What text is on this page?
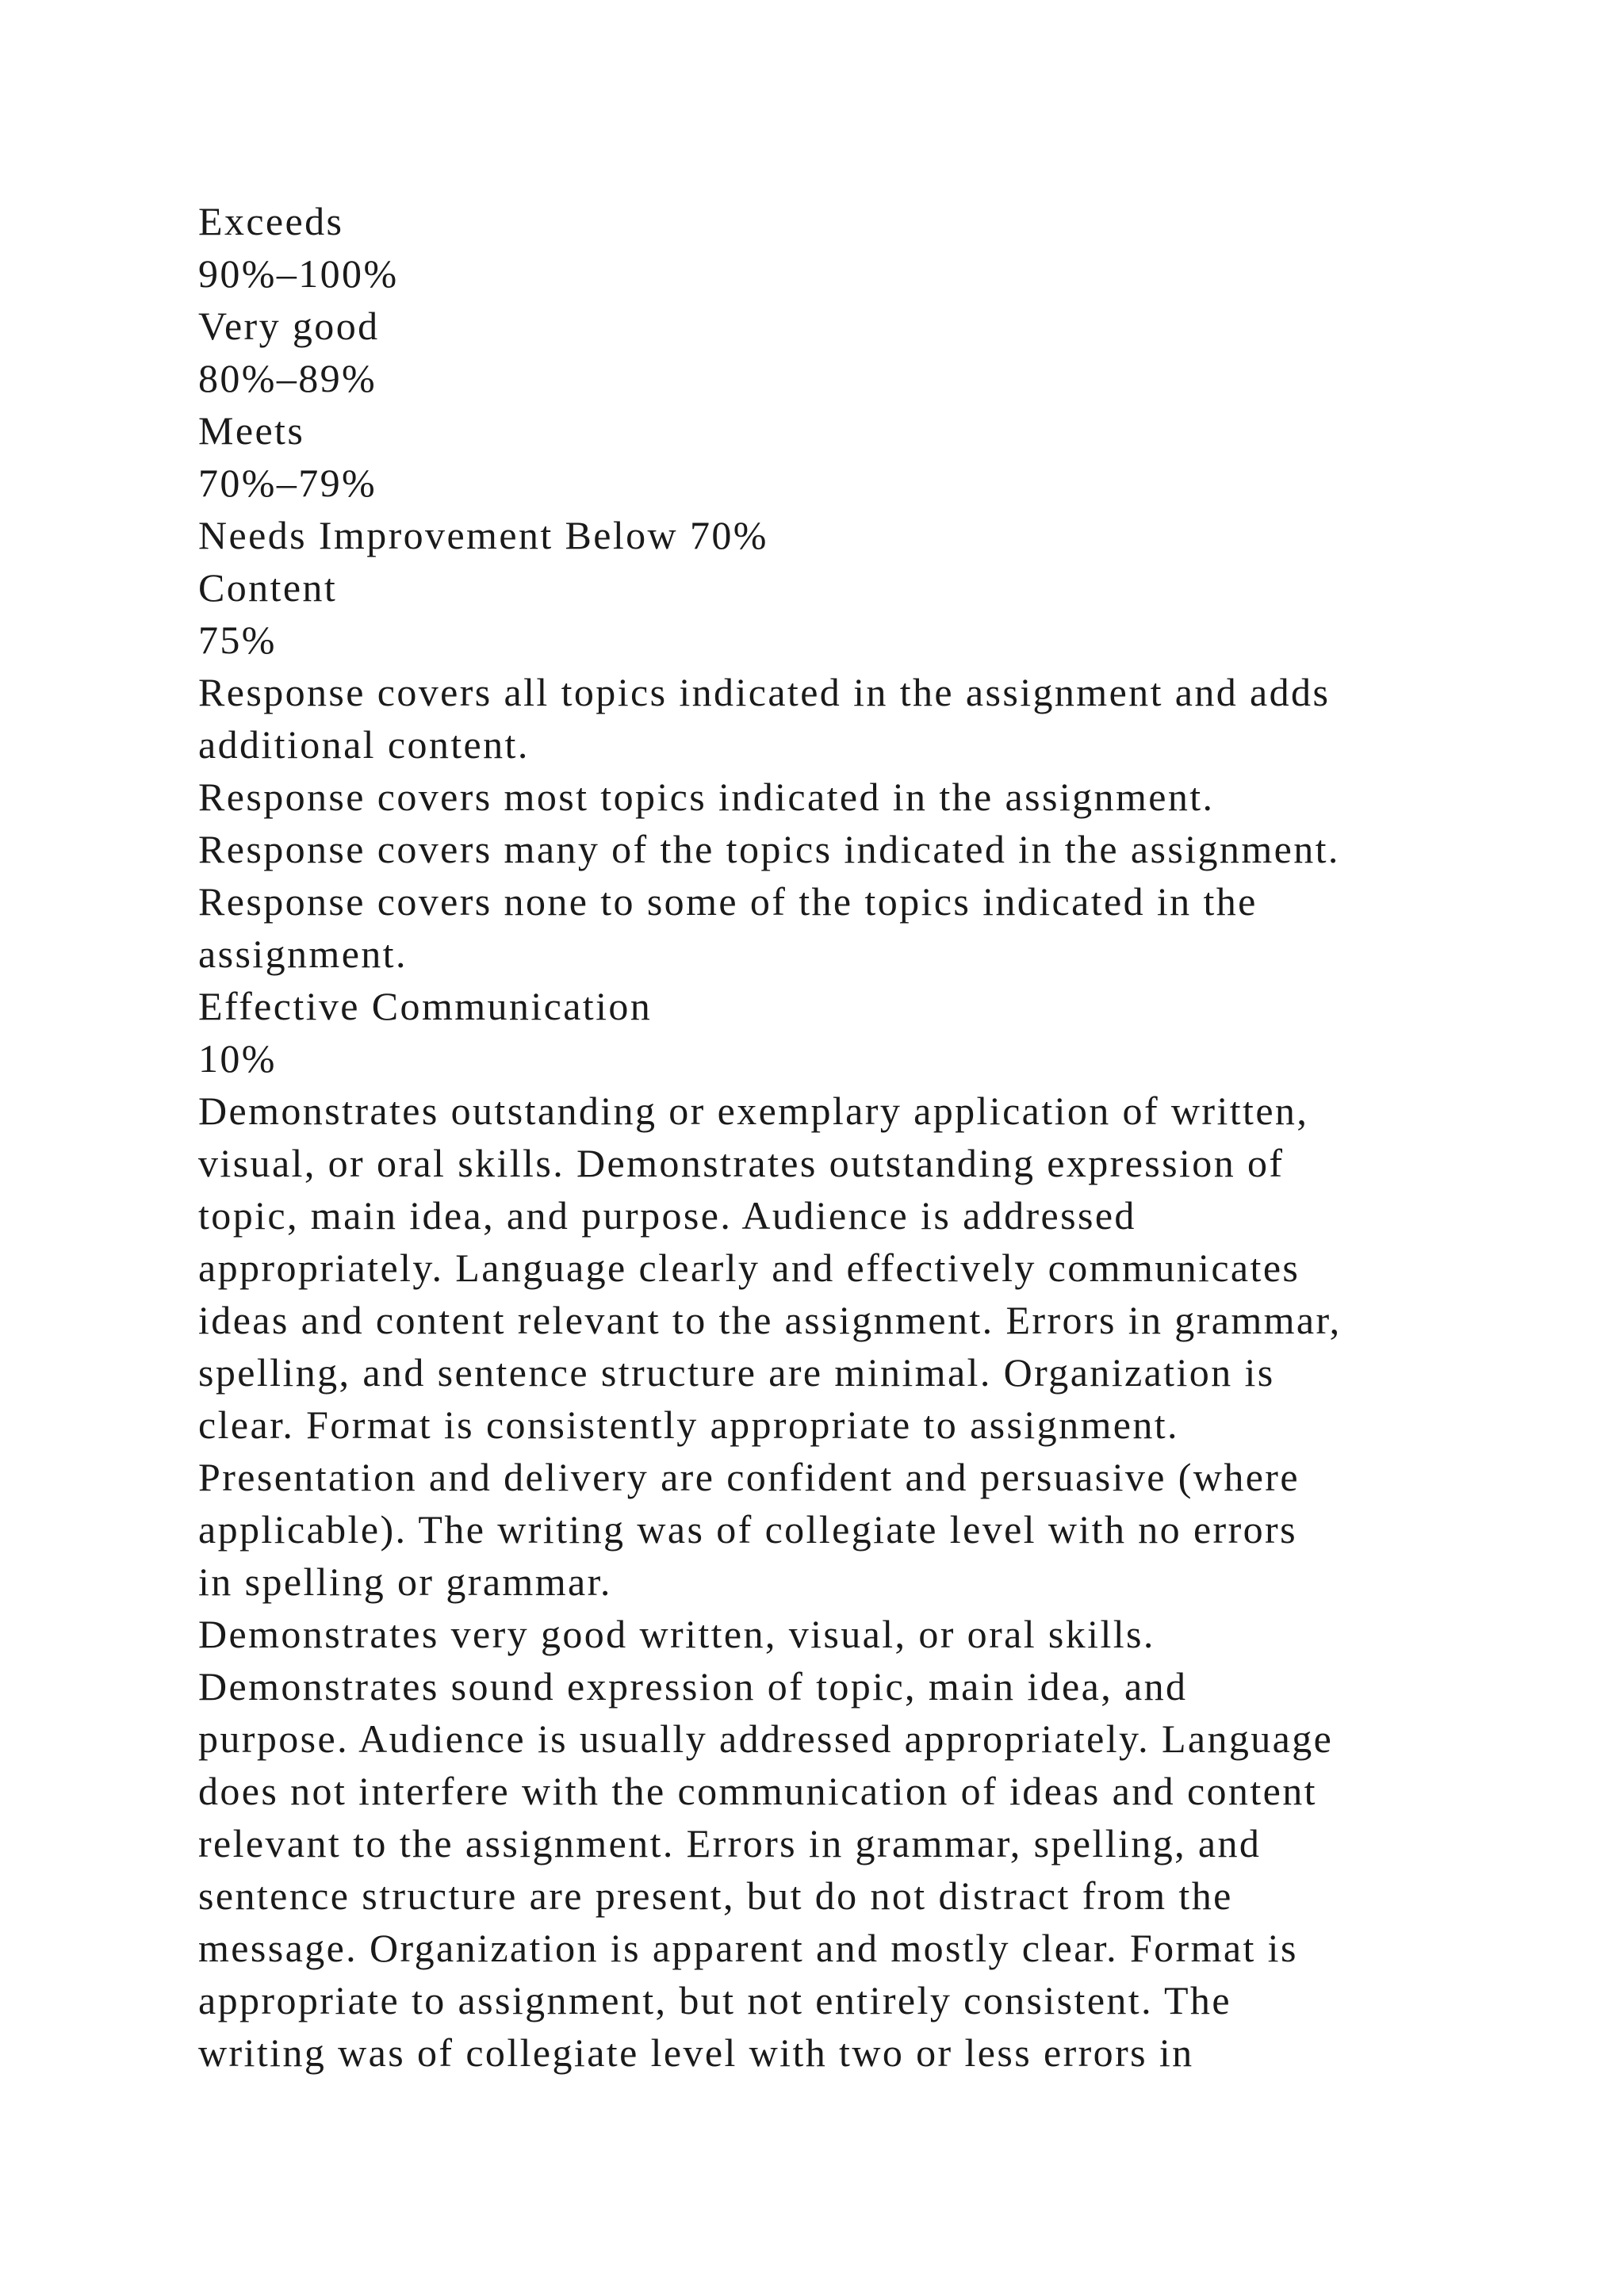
Exceeds
90%–100%
Very good
80%–89%
Meets
70%–79%
Needs Improvement Below 70%
Content
75%
Response covers all topics indicated in the assignment and adds
additional content.
Response covers most topics indicated in the assignment.
Response covers many of the topics indicated in the assignment.
Response covers none to some of the topics indicated in the
assignment.
Effective Communication
10%
Demonstrates outstanding or exemplary application of written,
visual, or oral skills. Demonstrates outstanding expression of
topic, main idea, and purpose. Audience is addressed
appropriately. Language clearly and effectively communicates
ideas and content relevant to the assignment. Errors in grammar,
spelling, and sentence structure are minimal. Organization is
clear. Format is consistently appropriate to assignment.
Presentation and delivery are confident and persuasive (where
applicable). The writing was of collegiate level with no errors
in spelling or grammar.
Demonstrates very good written, visual, or oral skills.
Demonstrates sound expression of topic, main idea, and
purpose. Audience is usually addressed appropriately. Language
does not interfere with the communication of ideas and content
relevant to the assignment. Errors in grammar, spelling, and
sentence structure are present, but do not distract from the
message. Organization is apparent and mostly clear. Format is
appropriate to assignment, but not entirely consistent. The
writing was of collegiate level with two or less errors in
